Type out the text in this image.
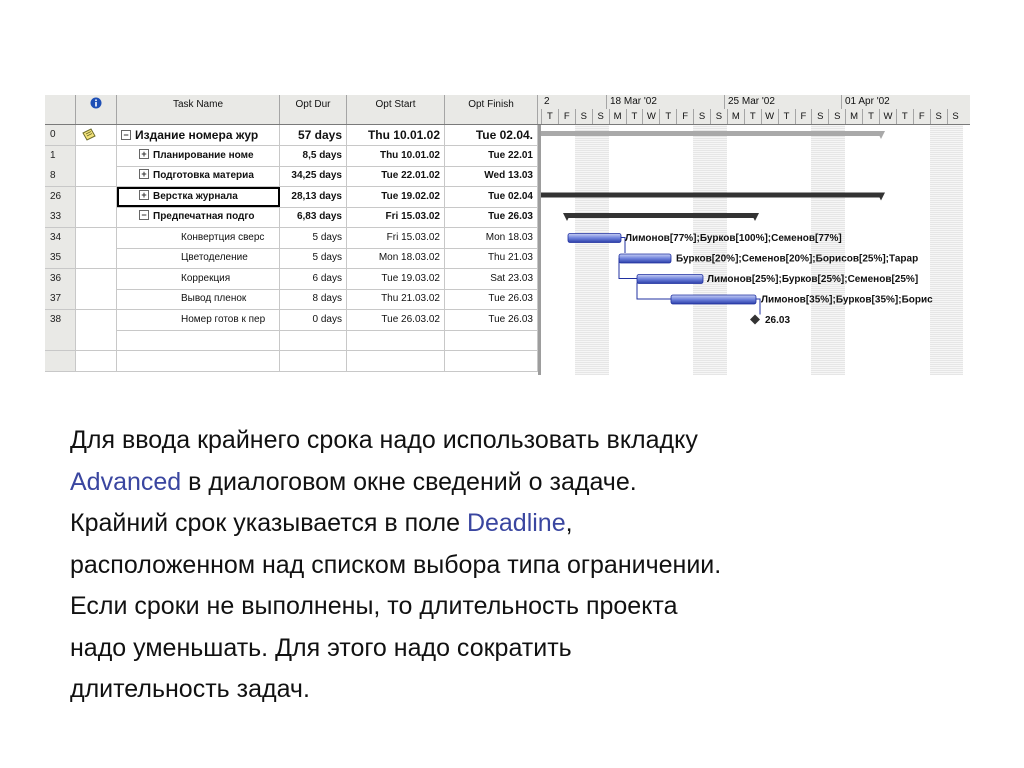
Task Name	Opt Dur	Opt Start	Opt Finish
0	− Издание номера жур	57 days	Thu 10.01.02	Tue 02.04.
1	+ Планирование номе	8,5 days	Thu 10.01.02	Tue 22.01
8	+ Подготовка материа	34,25 days	Tue 22.01.02	Wed 13.03
26	+ Верстка журнала	28,13 days	Tue 19.02.02	Tue 02.04
33	− Предпечатная подго	6,83 days	Fri 15.03.02	Tue 26.03
34	Конвертция сверс	5 days	Fri 15.03.02	Mon 18.03
35	Цветоделение	5 days	Mon 18.03.02	Thu 21.03
36	Коррекция	6 days	Tue 19.03.02	Sat 23.03
37	Вывод пленок	8 days	Thu 21.03.02	Tue 26.03
38	Номер готов к пер	0 days	Tue 26.03.02	Tue 26.03
2	18 Mar '02	25 Mar '02	01 Apr '02
T	F	S	S	M	T	W	T	F	S	S	M	T	W	T	F	S	S	M	T	W	T	F	S	S
Лимонов[77%];Бурков[100%];Семенов[77%]
Бурков[20%];Семенов[20%];Борисов[25%];Тарар
Лимонов[25%];Бурков[25%];Семенов[25%]
Лимонов[35%];Бурков[35%];Борис
26.03
Для ввода крайнего срока надо использовать вкладку
Advanced в диалоговом окне сведений о задаче.
Крайний срок указывается в поле Deadline,
расположенном над списком выбора типа ограничении.
Если сроки не выполнены, то длительность проекта
надо уменьшать. Для этого надо сократить
длительность задач.
